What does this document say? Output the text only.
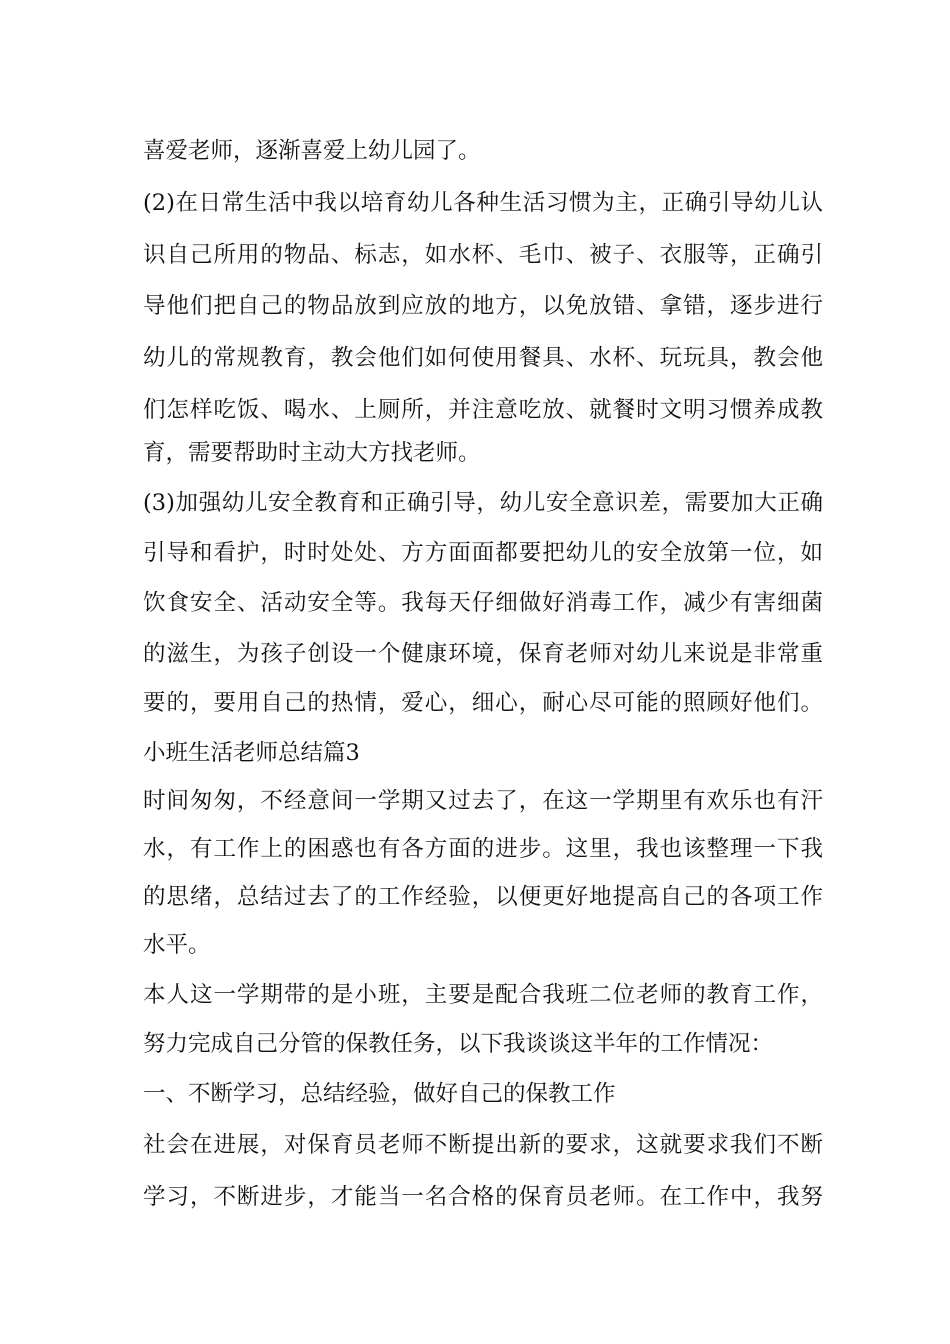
喜爱老师，逐渐喜爱上幼儿园了。
(2)在日常生活中我以培育幼儿各种生活习惯为主，正确引导幼儿认
识自己所用的物品、标志，如水杯、毛巾、被子、衣服等，正确引
导他们把自己的物品放到应放的地方，以免放错、拿错，逐步进行
幼儿的常规教育，教会他们如何使用餐具、水杯、玩玩具，教会他
们怎样吃饭、喝水、上厕所，并注意吃放、就餐时文明习惯养成教
育，需要帮助时主动大方找老师。
(3)加强幼儿安全教育和正确引导，幼儿安全意识差，需要加大正确
引导和看护，时时处处、方方面面都要把幼儿的安全放第一位，如
饮食安全、活动安全等。我每天仔细做好消毒工作，减少有害细菌
的滋生，为孩子创设一个健康环境，保育老师对幼儿来说是非常重
要的，要用自己的热情，爱心，细心，耐心尽可能的照顾好他们。
小班生活老师总结篇3
时间匆匆，不经意间一学期又过去了，在这一学期里有欢乐也有汗
水，有工作上的困惑也有各方面的进步。这里，我也该整理一下我
的思绪，总结过去了的工作经验，以便更好地提高自己的各项工作
水平。
本人这一学期带的是小班，主要是配合我班二位老师的教育工作，
努力完成自己分管的保教任务，以下我谈谈这半年的工作情况：
一、不断学习，总结经验，做好自己的保教工作
社会在进展，对保育员老师不断提出新的要求，这就要求我们不断
学习，不断进步，才能当一名合格的保育员老师。在工作中，我努
